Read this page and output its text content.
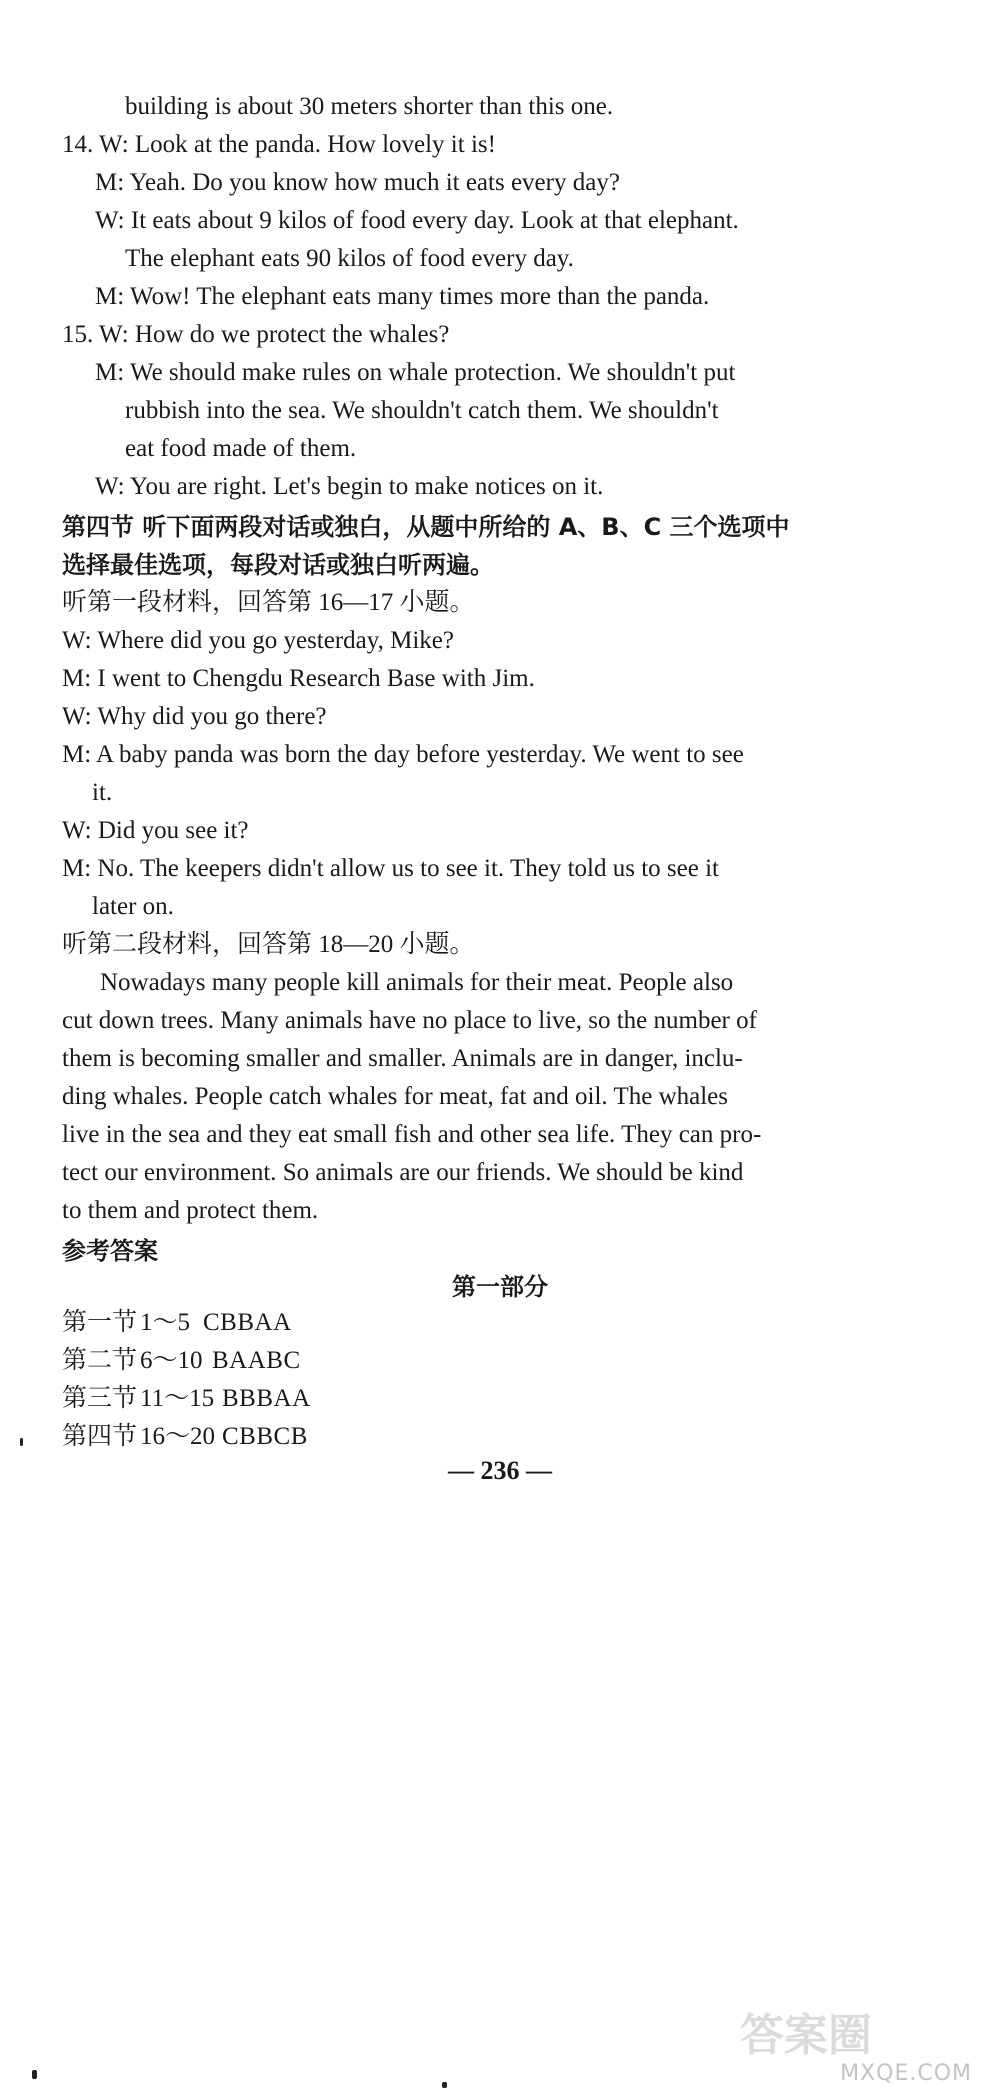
building is about 30 meters shorter than this one.
14. W: Look at the panda. How lovely it is!
M: Yeah. Do you know how much it eats every day?
W: It eats about 9 kilos of food every day. Look at that elephant.
The elephant eats 90 kilos of food every day.
M: Wow! The elephant eats many times more than the panda.
15. W: How do we protect the whales?
M: We should make rules on whale protection. We shouldn't put
rubbish into the sea. We shouldn't catch them. We shouldn't
eat food made of them.
W: You are right. Let's begin to make notices on it.
第四节 听下面两段对话或独白，从题中所给的 A、B、C 三个选项中
选择最佳选项，每段对话或独白听两遍。
听第一段材料，回答第 16—17 小题。
W: Where did you go yesterday, Mike?
M: I went to Chengdu Research Base with Jim.
W: Why did you go there?
M: A baby panda was born the day before yesterday. We went to see
it.
W: Did you see it?
M: No. The keepers didn't allow us to see it. They told us to see it
later on.
听第二段材料，回答第 18—20 小题。
Nowadays many people kill animals for their meat. People also
cut down trees. Many animals have no place to live, so the number of
them is becoming smaller and smaller. Animals are in danger, inclu-
ding whales. People catch whales for meat, fat and oil. The whales
live in the sea and they eat small fish and other sea life. They can pro-
tect our environment. So animals are our friends. We should be kind
to them and protect them.
参考答案
第一部分
第一节 1～5 CBBAA
第二节 6～10 BAABC
第三节 11～15 BBBAA
第四节 16～20 CBBCB
— 236 —
答案圈
MXQE.COM
